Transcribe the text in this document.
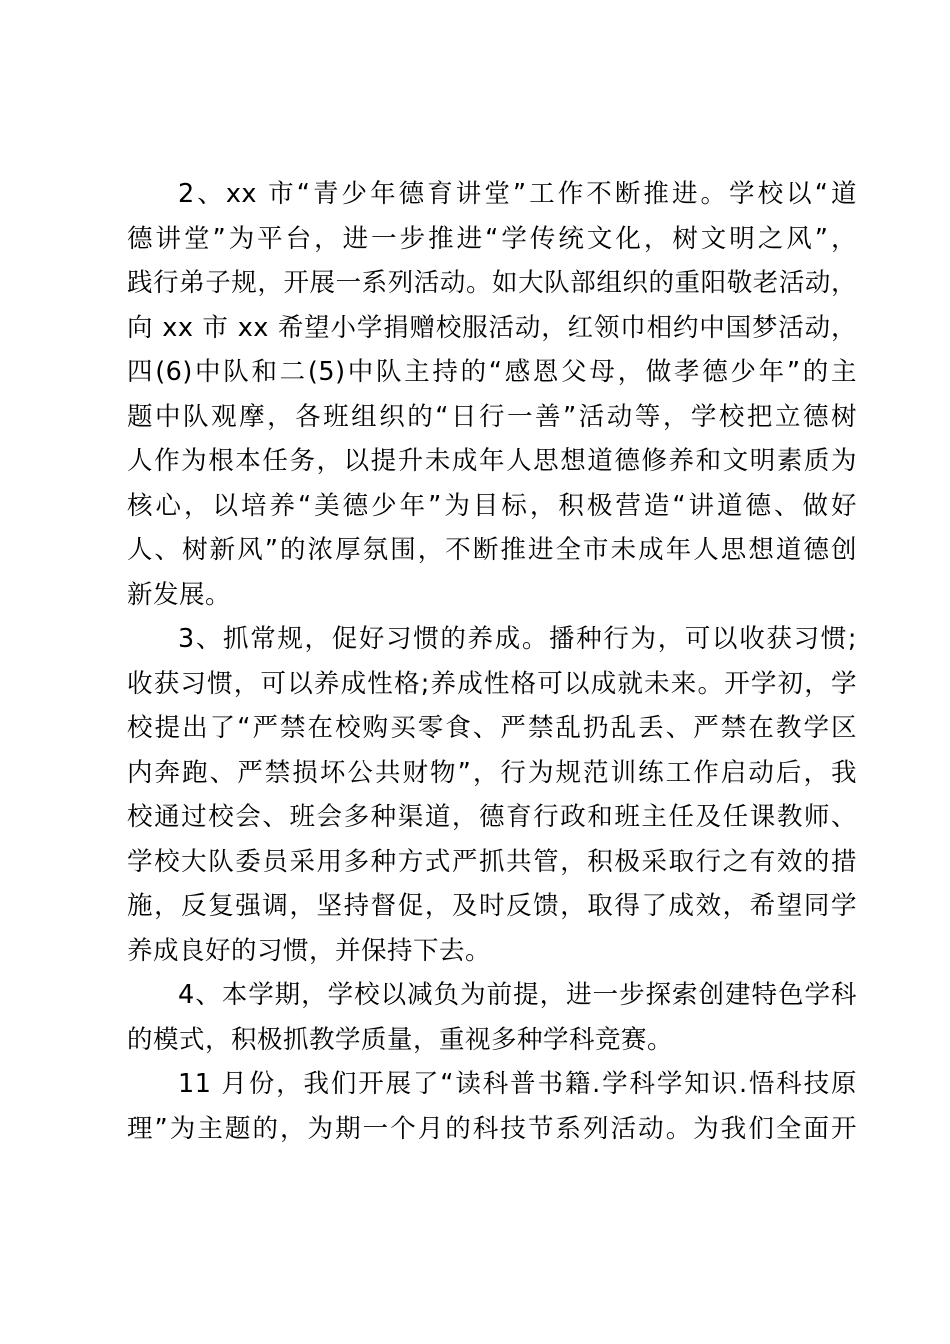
2、xx 市“青少年德育讲堂”工作不断推进。学校以“道
德讲堂”为平台，进一步推进“学传统文化，树文明之风”，
践行弟子规，开展一系列活动。如大队部组织的重阳敬老活动，
向 xx 市 xx 希望小学捐赠校服活动，红领巾相约中国梦活动，
四(6)中队和二(5)中队主持的“感恩父母，做孝德少年”的主
题中队观摩，各班组织的“日行一善”活动等，学校把立德树
人作为根本任务，以提升未成年人思想道德修养和文明素质为
核心，以培养“美德少年”为目标，积极营造“讲道德、做好
人、树新风”的浓厚氛围，不断推进全市未成年人思想道德创
新发展。

3、抓常规，促好习惯的养成。播种行为，可以收获习惯;
收获习惯，可以养成性格;养成性格可以成就未来。开学初，学
校提出了“严禁在校购买零食、严禁乱扔乱丢、严禁在教学区
内奔跑、严禁损坏公共财物”，行为规范训练工作启动后，我
校通过校会、班会多种渠道，德育行政和班主任及任课教师、
学校大队委员采用多种方式严抓共管，积极采取行之有效的措
施，反复强调，坚持督促，及时反馈，取得了成效，希望同学
养成良好的习惯，并保持下去。

4、本学期，学校以减负为前提，进一步探索创建特色学科
的模式，积极抓教学质量，重视多种学科竞赛。

11 月份，我们开展了“读科普书籍.学科学知识.悟科技原
理”为主题的，为期一个月的科技节系列活动。为我们全面开
